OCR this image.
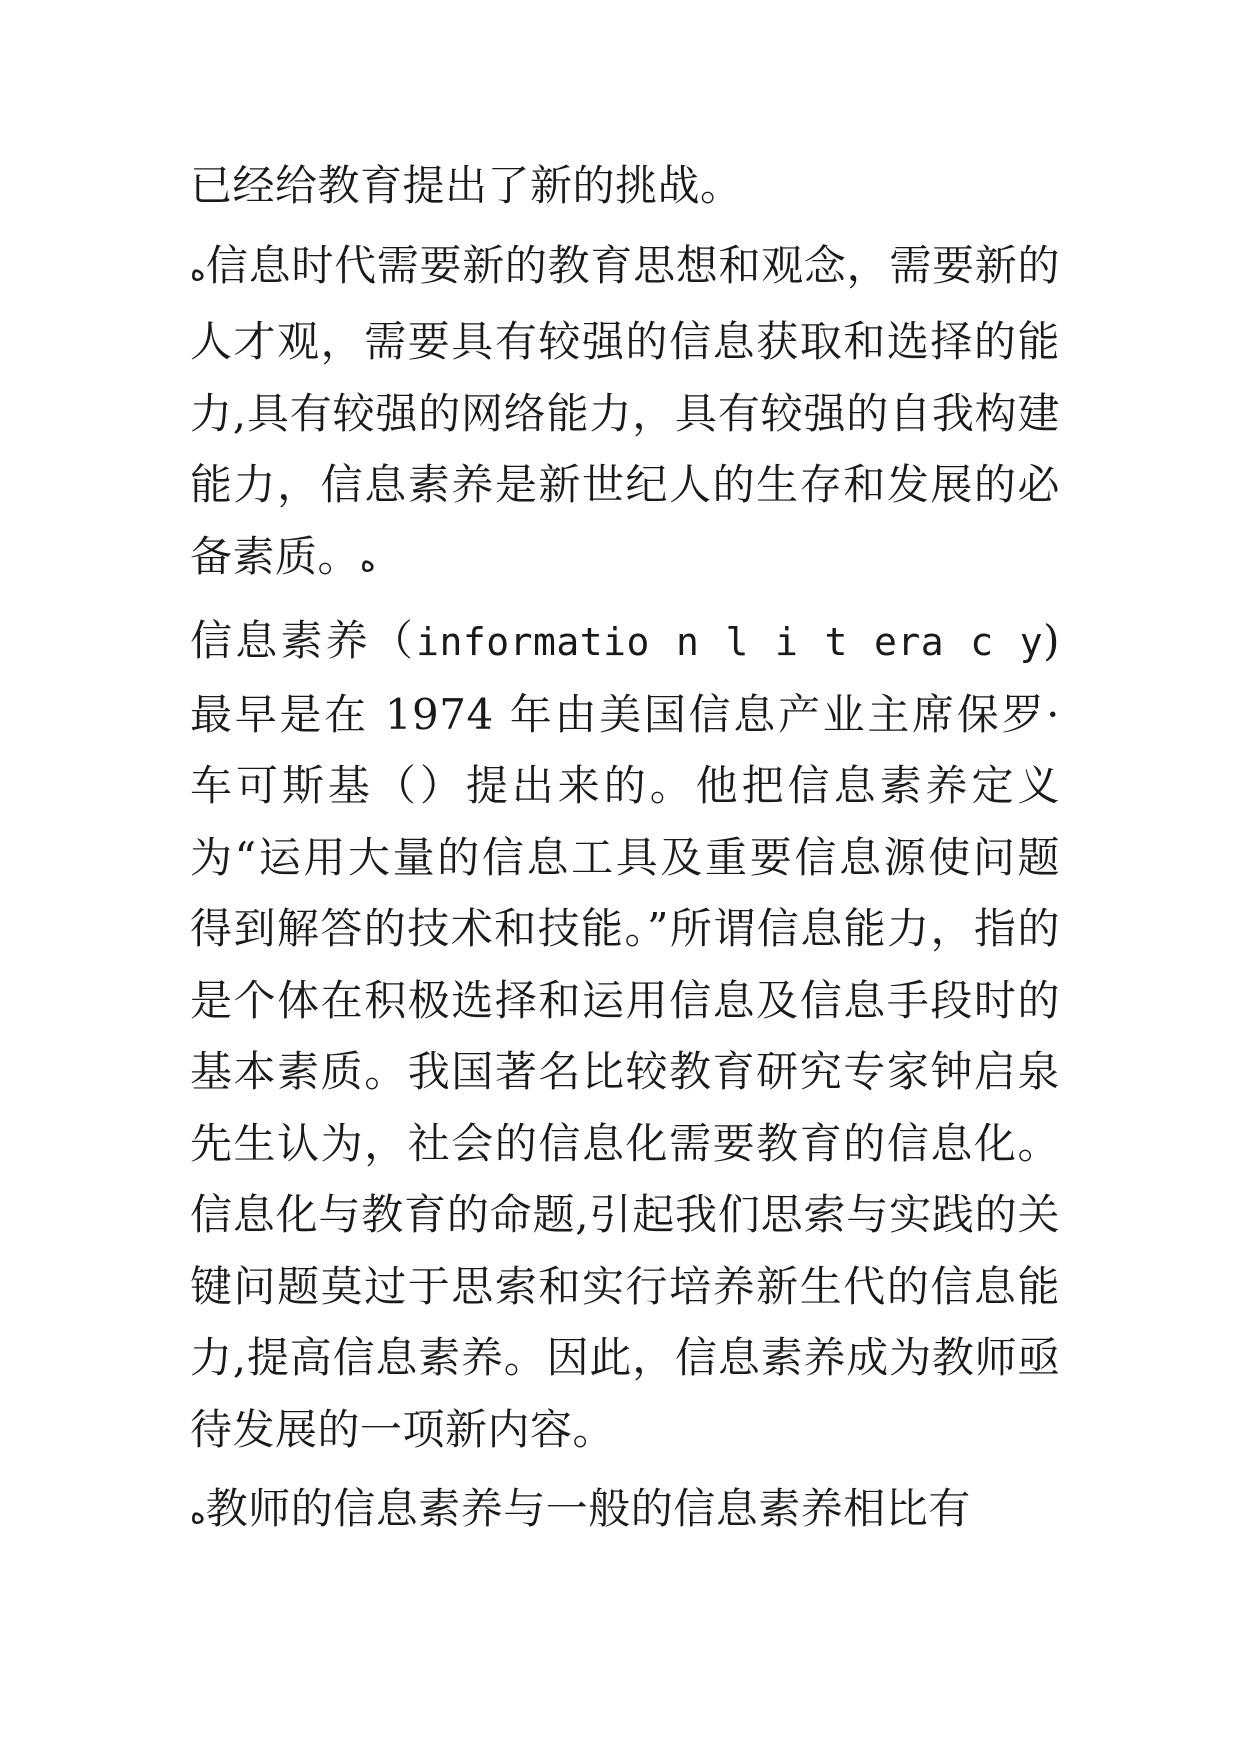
已经给教育提出了新的挑战。

ه信息时代需要新的教育思想和观念，需要新的人才观，需要具有较强的信息获取和选择的能力,具有较强的网络能力，具有较强的自我构建能力，信息素养是新世纪人的生存和发展的必备素质。ه

信息素养（informatio n l i t era c y)最早是在 1974 年由美国信息产业主席保罗·车可斯基（）提出来的。他把信息素养定义为“运用大量的信息工具及重要信息源使问题得到解答的技术和技能。”所谓信息能力，指的是个体在积极选择和运用信息及信息手段时的基本素质。我国著名比较教育研究专家钟启泉先生认为，社会的信息化需要教育的信息化。信息化与教育的命题,引起我们思索与实践的关键问题莫过于思索和实行培养新生代的信息能力,提高信息素养。因此，信息素养成为教师亟待发展的一项新内容。

ه教师的信息素养与一般的信息素养相比有
